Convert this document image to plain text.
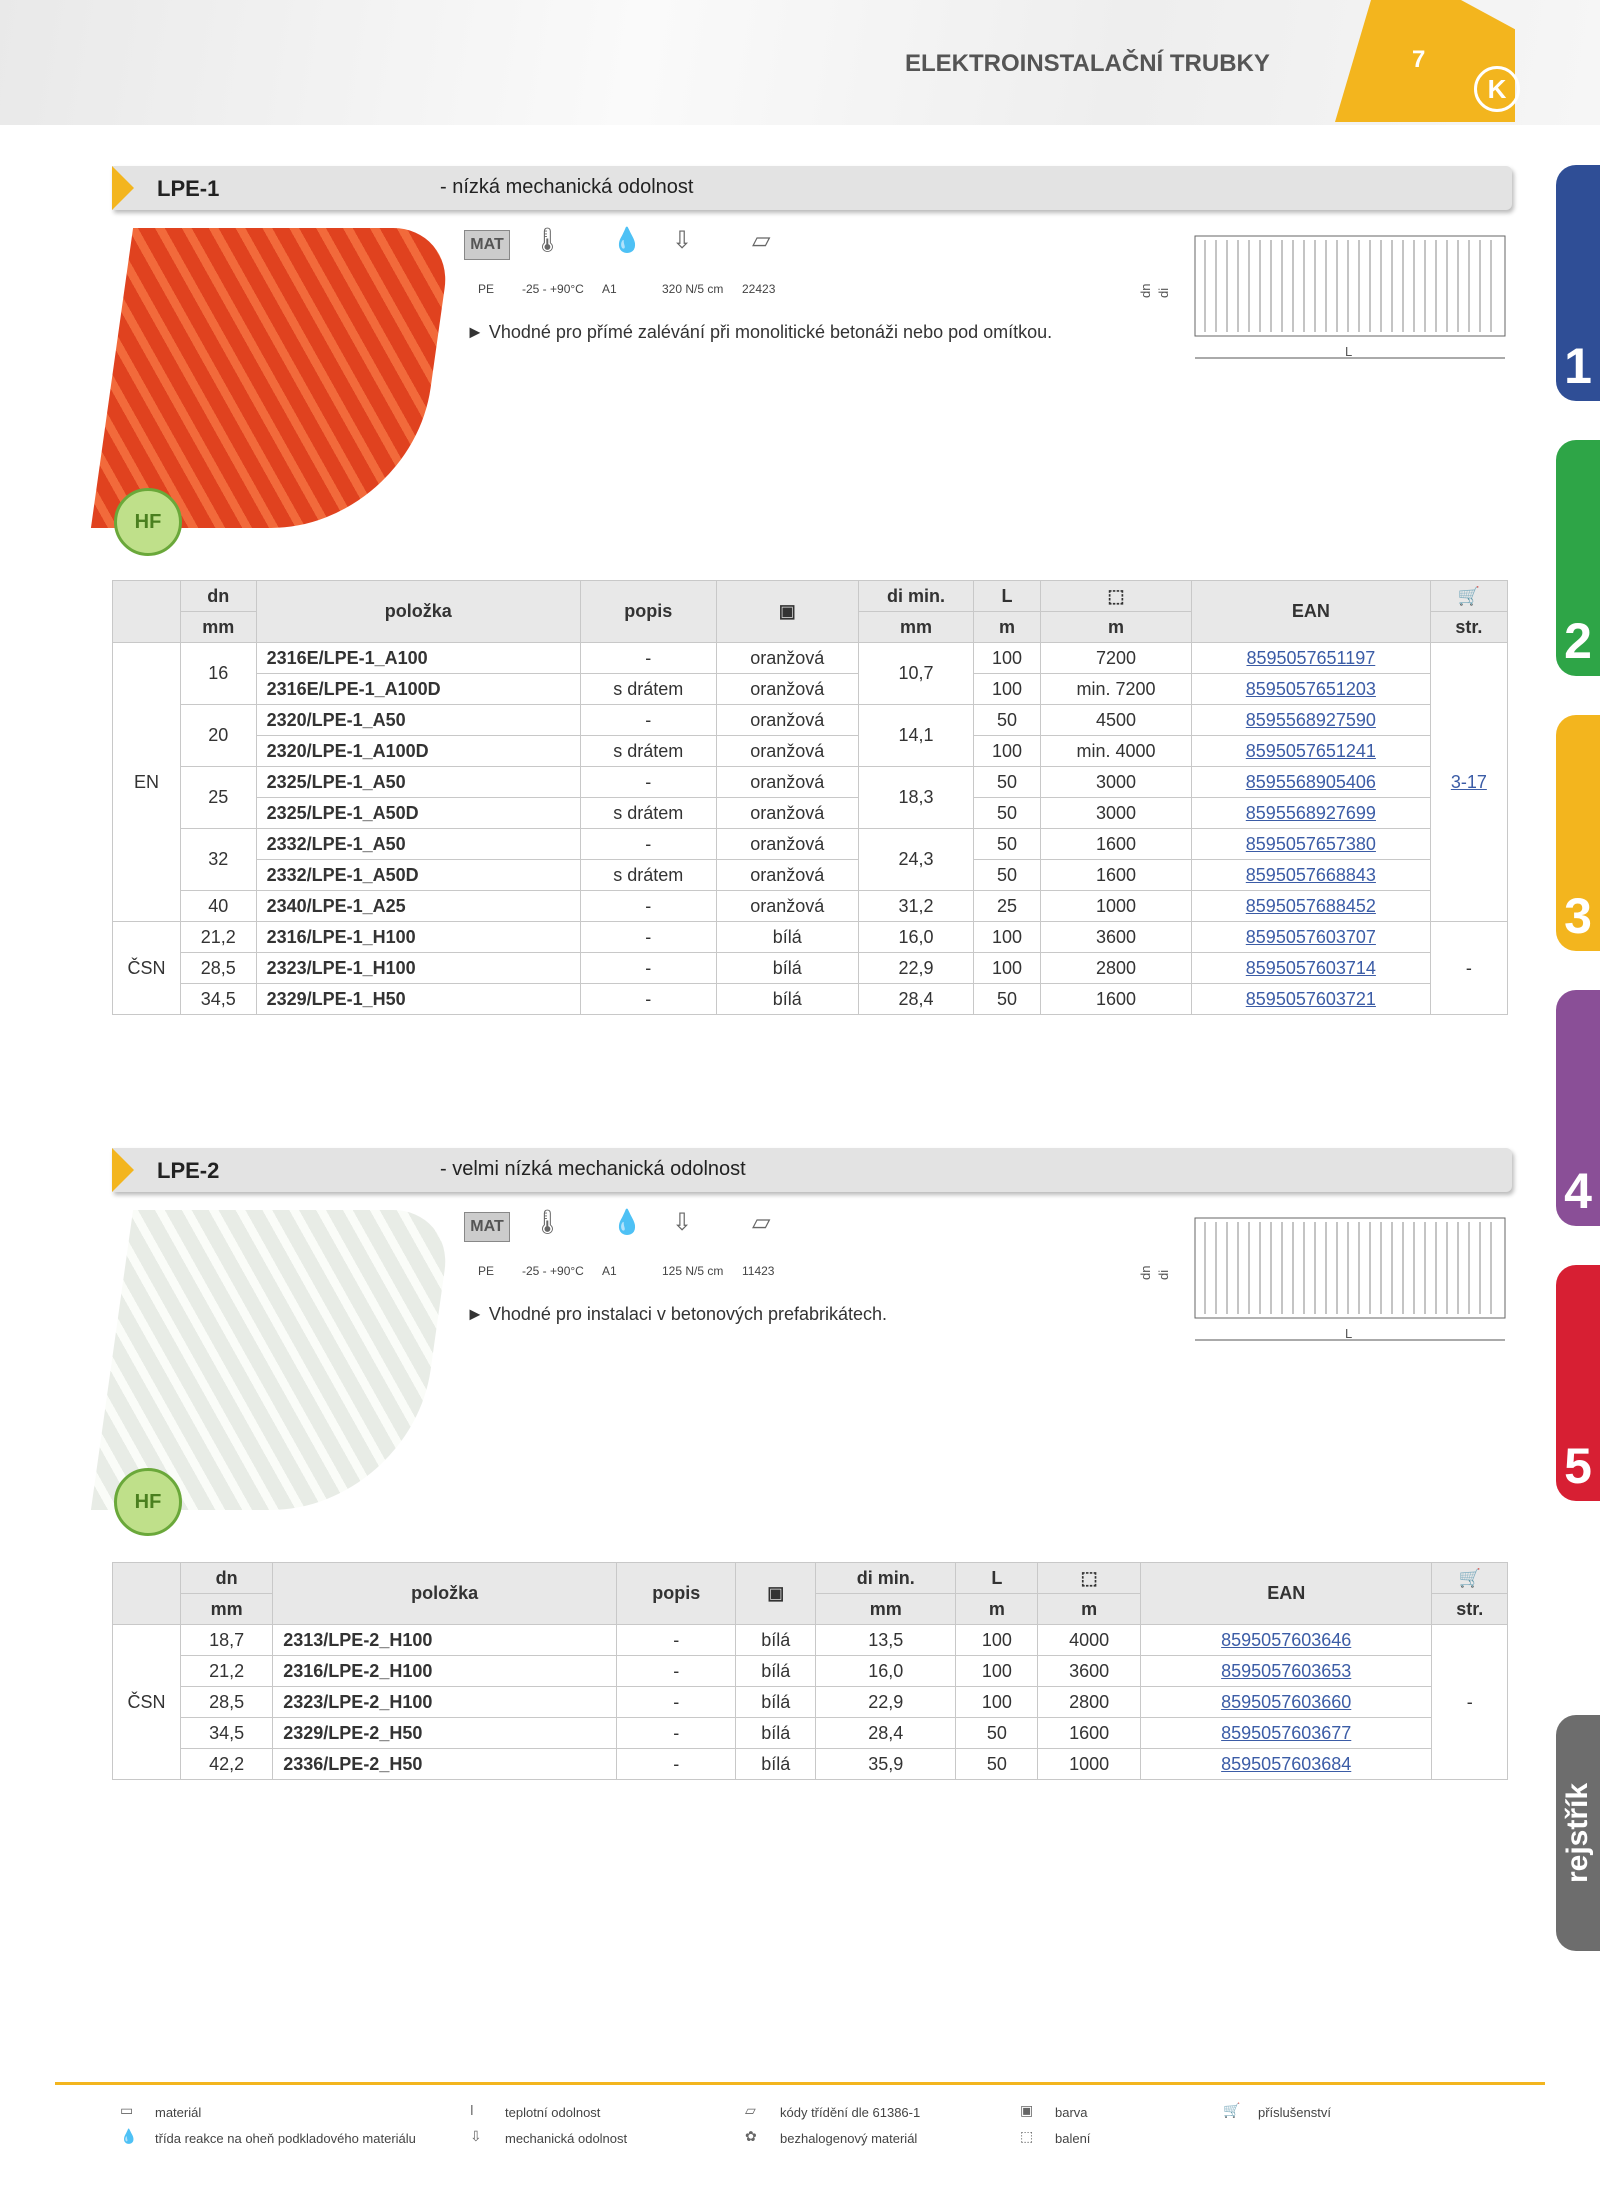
ELEKTROINSTALAČNÍ TRUBKY	7
K
1
2
3
4
5
rejstřík
LPE-1	- nízká mechanická odolnost
HF
MAT
PE
🌡
-25 - +90°C
💧
A1
⇩
320 N/5 cm
▱
22423
► Vhodné pro přímé zalévání při monolitické betonáži nebo pod omítkou.
dn di
L
	dn	položka	popis	▣	di min.	L	⬚	EAN	🛒
	mm				mm	m	m		str.
EN	16	2316E/LPE-1_A100	-	oranžová	10,7	100	7200	8595057651197	3-17
		2316E/LPE-1_A100D	s drátem	oranžová		100	min. 7200	8595057651203	
	20	2320/LPE-1_A50	-	oranžová	14,1	50	4500	8595568927590	
		2320/LPE-1_A100D	s drátem	oranžová		100	min. 4000	8595057651241	
	25	2325/LPE-1_A50	-	oranžová	18,3	50	3000	8595568905406	
		2325/LPE-1_A50D	s drátem	oranžová		50	3000	8595568927699	
	32	2332/LPE-1_A50	-	oranžová	24,3	50	1600	8595057657380	
		2332/LPE-1_A50D	s drátem	oranžová		50	1600	8595057668843	
	40	2340/LPE-1_A25	-	oranžová	31,2	25	1000	8595057688452	
ČSN	21,2	2316/LPE-1_H100	-	bílá	16,0	100	3600	8595057603707	-
	28,5	2323/LPE-1_H100	-	bílá	22,9	100	2800	8595057603714	
	34,5	2329/LPE-1_H50	-	bílá	28,4	50	1600	8595057603721	
LPE-2	- velmi nízká mechanická odolnost
HF
MAT
PE
🌡
-25 - +90°C
💧
A1
⇩
125 N/5 cm
▱
11423
► Vhodné pro instalaci v betonových prefabrikátech.
dn di
L
	dn	položka	popis	▣	di min.	L	⬚	EAN	🛒
	mm				mm	m	m		str.
ČSN	18,7	2313/LPE-2_H100	-	bílá	13,5	100	4000	8595057603646	-
	21,2	2316/LPE-2_H100	-	bílá	16,0	100	3600	8595057603653	
	28,5	2323/LPE-2_H100	-	bílá	22,9	100	2800	8595057603660	
	34,5	2329/LPE-2_H50	-	bílá	28,4	50	1600	8595057603677	
	42,2	2336/LPE-2_H50	-	bílá	35,9	50	1000	8595057603684	
▭ materiál	ǀ teplotní odolnost	▱ kódy třídění dle 61386-1	▣ barva	🛒 příslušenství
💧 třída reakce na oheň podkladového materiálu	⇩ mechanická odolnost	✿ bezhalogenový materiál	⬚ balení
